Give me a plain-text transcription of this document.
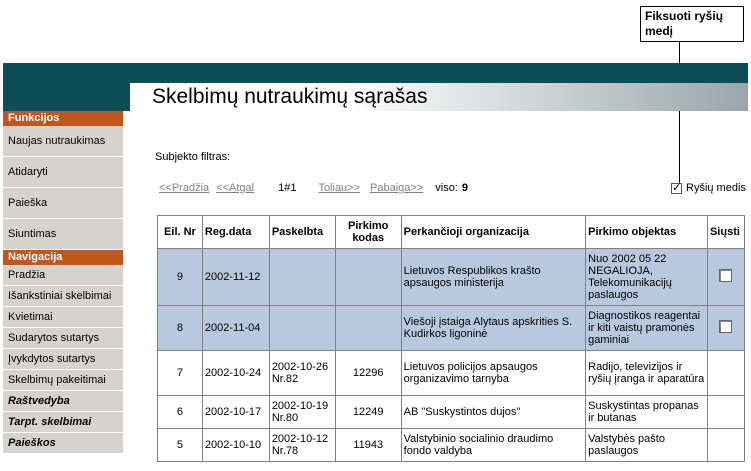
Fiksuoti ryšių medį
Skelbimų nutraukimų sąrašas
Funkcijos
Naujas nutraukimas
Atidaryti
Paieška
Siuntimas
Navigacija
Pradžia
Išankstiniai skelbimai
Kvietimai
Sudarytos sutartys
Įvykdytos sutartys
Skelbimų pakeitimai
Raštvedyba
Tarpt. skelbimai
Paieškos
Subjekto filtras:
<<Pradžia <<Atgal 1#1 Toliau>> Pabaiga>> viso: 9 ✓	Ryšių medis
Eil. Nr	Reg.data	Paskelbta	Pirkimo kodas	Perkančioji organizacija	Pirkimo objektas	Siųsti
9	2002-11-12			Lietuvos Respublikos krašto apsaugos ministerija	Nuo 2002 05 22 NEGALIOJA, Telekomunikacijų paslaugos	
8	2002-11-04			Viešoji įstaiga Alytaus apskrities S. Kudirkos ligoninė	Diagnostikos reagentai ir kiti vaistų pramonės gaminiai	
7	2002-10-24	2002-10-26 Nr.82	12296	Lietuvos policijos apsaugos organizavimo tarnyba	Radijo, televizijos ir ryšių įranga ir aparatūra	
6	2002-10-17	2002-10-19 Nr.80	12249	AB "Suskystintos dujos"	Suskystintas propanas ir butanas	
5	2002-10-10	2002-10-12 Nr.78	11943	Valstybinio socialinio draudimo fondo valdyba	Valstybės pašto paslaugos	
